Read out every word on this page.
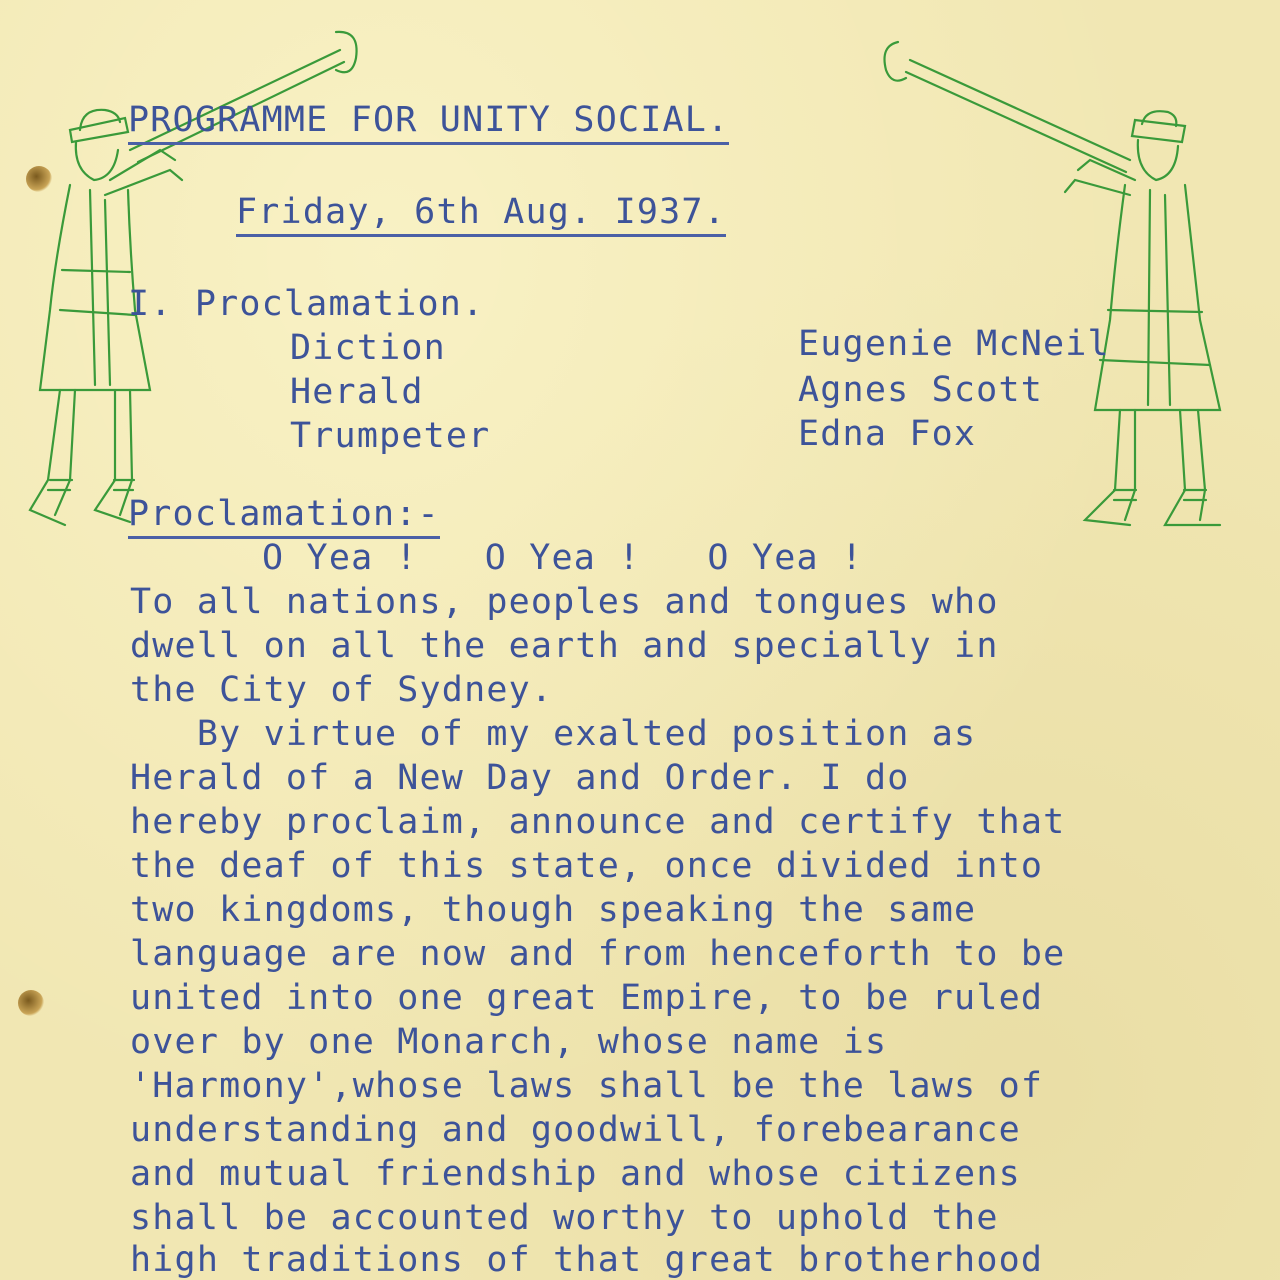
PROGRAMME FOR UNITY SOCIAL.
Friday, 6th Aug. I937.
I. Proclamation.
Diction	Eugenie McNeil
Herald	Agnes Scott
Trumpeter	Edna Fox
Proclamation:-
O Yea !   O Yea !   O Yea !
To all nations, peoples and tongues who
dwell on all the earth and specially in
the City of Sydney.
By virtue of my exalted position as
Herald of a New Day and Order. I do
hereby proclaim, announce and certify that
the deaf of this state, once divided into
two kingdoms, though speaking the same
language are now and from henceforth to be
united into one great Empire, to be ruled
over by one Monarch, whose name is
'Harmony',whose laws shall be the laws of
understanding and goodwill, forebearance
and mutual friendship and whose citizens
shall be accounted worthy to uphold the
high traditions of that great brotherhood
